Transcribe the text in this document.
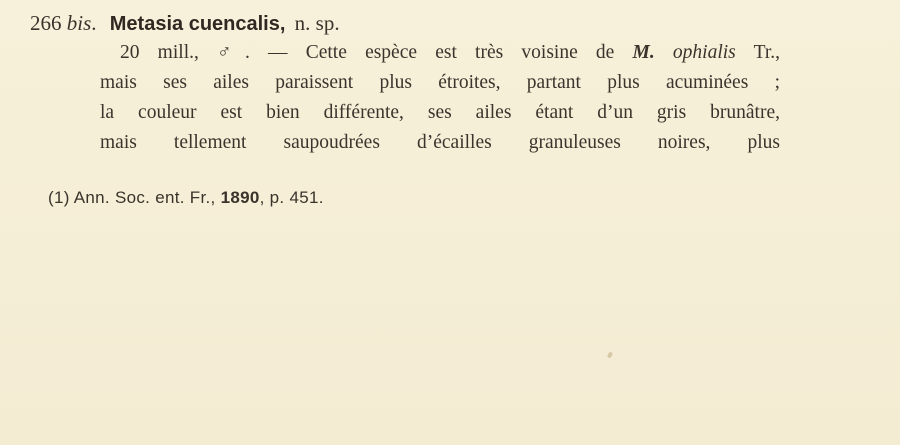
266 bis. Metasia cuencalis, n. sp.
20 mill., ♂. — Cette espèce est très voisine de M. ophialis Tr.,
mais ses ailes paraissent plus étroites, partant plus acuminées ;
la couleur est bien différente, ses ailes étant d’un gris brunâtre,
mais tellement saupoudrées d’écailles granuleuses noires, plus
(1) Ann. Soc. ent. Fr., 1890, p. 451.
